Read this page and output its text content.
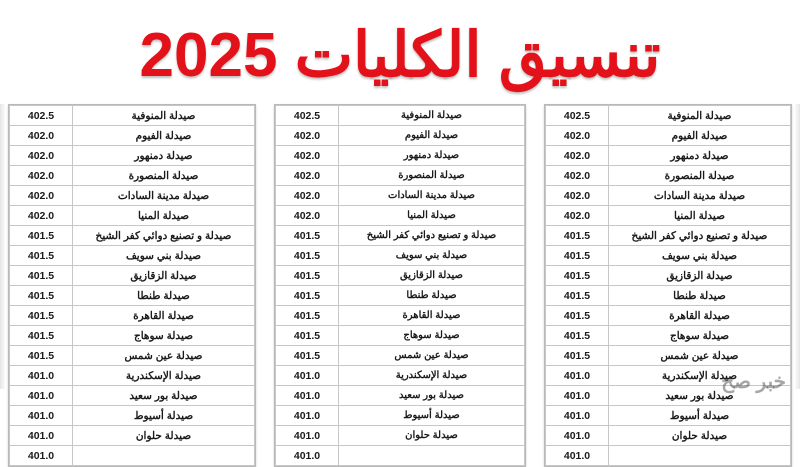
تنسيق الكليات 2025
صيدلة المنوفية	402.5
صيدلة الفيوم	402.0
صيدلة دمنهور	402.0
صيدلة المنصورة	402.0
صيدلة مدينة السادات	402.0
صيدلة المنيا	402.0
صيدلة و تصنيع دوائي كفر الشيخ	401.5
صيدلة بني سويف	401.5
صيدلة الزقازيق	401.5
صيدلة طنطا	401.5
صيدلة القاهرة	401.5
صيدلة سوهاج	401.5
صيدلة عين شمس	401.5
صيدلة الإسكندرية	401.0
صيدلة بور سعيد	401.0
صيدلة أسيوط	401.0
صيدلة حلوان	401.0
	401.0
صيدلة المنوفية	402.5
صيدلة الفيوم	402.0
صيدلة دمنهور	402.0
صيدلة المنصورة	402.0
صيدلة مدينة السادات	402.0
صيدلة المنيا	402.0
صيدلة و تصنيع دوائي كفر الشيخ	401.5
صيدلة بني سويف	401.5
صيدلة الزقازيق	401.5
صيدلة طنطا	401.5
صيدلة القاهرة	401.5
صيدلة سوهاج	401.5
صيدلة عين شمس	401.5
صيدلة الإسكندرية	401.0
صيدلة بور سعيد	401.0
صيدلة أسيوط	401.0
صيدلة حلوان	401.0
	401.0
صيدلة المنوفية	402.5
صيدلة الفيوم	402.0
صيدلة دمنهور	402.0
صيدلة المنصورة	402.0
صيدلة مدينة السادات	402.0
صيدلة المنيا	402.0
صيدلة و تصنيع دوائي كفر الشيخ	401.5
صيدلة بني سويف	401.5
صيدلة الزقازيق	401.5
صيدلة طنطا	401.5
صيدلة القاهرة	401.5
صيدلة سوهاج	401.5
صيدلة عين شمس	401.5
صيدلة الإسكندرية	401.0
صيدلة بور سعيد	401.0
صيدلة أسيوط	401.0
صيدلة حلوان	401.0
	401.0
خبر صح
